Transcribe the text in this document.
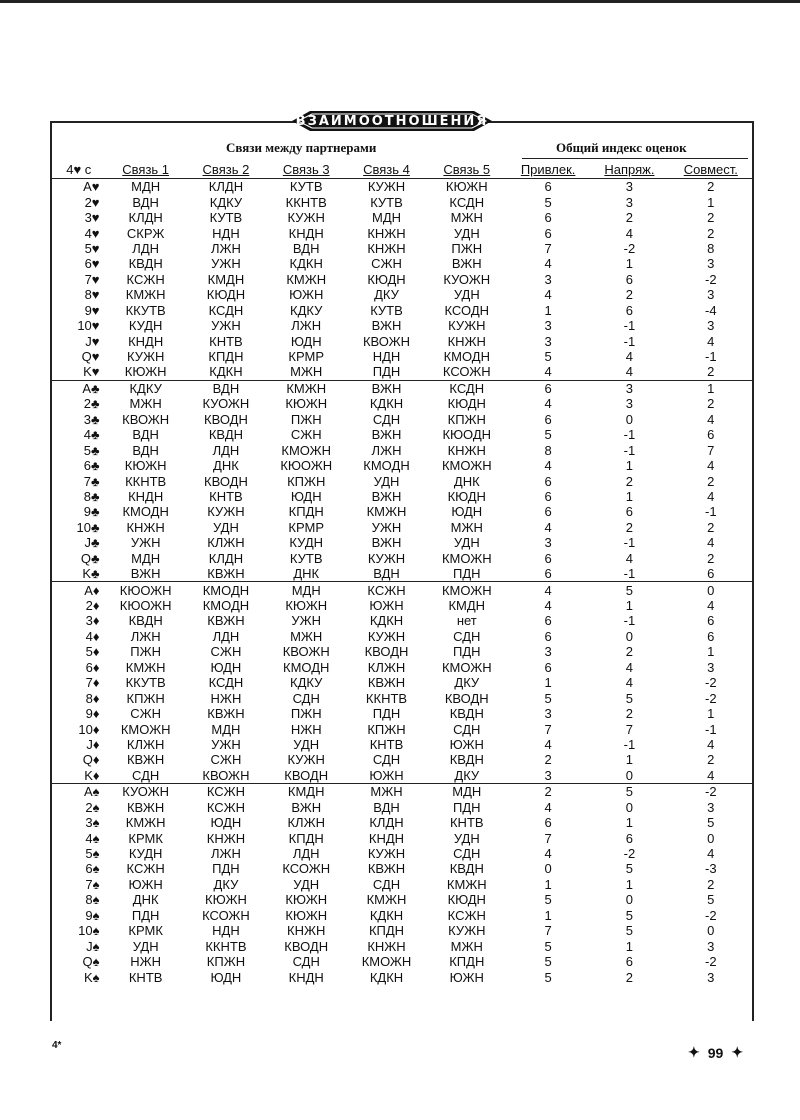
ВЗАИМООТНОШЕНИЯ
Связи между партнерами	Общий индекс оценок
4♥ с	Связь 1	Связь 2	Связь 3	Связь 4	Связь 5	Привлек.	Напряж.	Совмест.
A♥	МДН	КЛДН	КУТВ	КУЖН	КЮЖН	6	3	2
2♥	ВДН	КДКУ	ККНТВ	КУТВ	КСДН	5	3	1
3♥	КЛДН	КУТВ	КУЖН	МДН	МЖН	6	2	2
4♥	СКРЖ	НДН	КНДН	КНЖН	УДН	6	4	2
5♥	ЛДН	ЛЖН	ВДН	КНЖН	ПЖН	7	-2	8
6♥	КВДН	УЖН	КДКН	СЖН	ВЖН	4	1	3
7♥	КСЖН	КМДН	КМЖН	КЮДН	КУОЖН	3	6	-2
8♥	КМЖН	КЮДН	ЮЖН	ДКУ	УДН	4	2	3
9♥	ККУТВ	КСДН	КДКУ	КУТВ	КСОДН	1	6	-4
10♥	КУДН	УЖН	ЛЖН	ВЖН	КУЖН	3	-1	3
J♥	КНДН	КНТВ	ЮДН	КВОЖН	КНЖН	3	-1	4
Q♥	КУЖН	КПДН	КРМР	НДН	КМОДН	5	4	-1
K♥	КЮЖН	КДКН	МЖН	ПДН	КСОЖН	4	4	2
A♣	КДКУ	ВДН	КМЖН	ВЖН	КСДН	6	3	1
2♣	МЖН	КУОЖН	КЮЖН	КДКН	КЮДН	4	3	2
3♣	КВОЖН	КВОДН	ПЖН	СДН	КПЖН	6	0	4
4♣	ВДН	КВДН	СЖН	ВЖН	КЮОДН	5	-1	6
5♣	ВДН	ЛДН	КМОЖН	ЛЖН	КНЖН	8	-1	7
6♣	КЮЖН	ДНК	КЮОЖН	КМОДН	КМОЖН	4	1	4
7♣	ККНТВ	КВОДН	КПЖН	УДН	ДНК	6	2	2
8♣	КНДН	КНТВ	ЮДН	ВЖН	КЮДН	6	1	4
9♣	КМОДН	КУЖН	КПДН	КМЖН	ЮДН	6	6	-1
10♣	КНЖН	УДН	КРМР	УЖН	МЖН	4	2	2
J♣	УЖН	КЛЖН	КУДН	ВЖН	УДН	3	-1	4
Q♣	МДН	КЛДН	КУТВ	КУЖН	КМОЖН	6	4	2
K♣	ВЖН	КВЖН	ДНК	ВДН	ПДН	6	-1	6
A♦	КЮОЖН	КМОДН	МДН	КСЖН	КМОЖН	4	5	0
2♦	КЮОЖН	КМОДН	КЮЖН	ЮЖН	КМДН	4	1	4
3♦	КВДН	КВЖН	УЖН	КДКН	нет	6	-1	6
4♦	ЛЖН	ЛДН	МЖН	КУЖН	СДН	6	0	6
5♦	ПЖН	СЖН	КВОЖН	КВОДН	ПДН	3	2	1
6♦	КМЖН	ЮДН	КМОДН	КЛЖН	КМОЖН	6	4	3
7♦	ККУТВ	КСДН	КДКУ	КВЖН	ДКУ	1	4	-2
8♦	КПЖН	НЖН	СДН	ККНТВ	КВОДН	5	5	-2
9♦	СЖН	КВЖН	ПЖН	ПДН	КВДН	3	2	1
10♦	КМОЖН	МДН	НЖН	КПЖН	СДН	7	7	-1
J♦	КЛЖН	УЖН	УДН	КНТВ	ЮЖН	4	-1	4
Q♦	КВЖН	СЖН	КУЖН	СДН	КВДН	2	1	2
K♦	СДН	КВОЖН	КВОДН	ЮЖН	ДКУ	3	0	4
A♠	КУОЖН	КСЖН	КМДН	МЖН	МДН	2	5	-2
2♠	КВЖН	КСЖН	ВЖН	ВДН	ПДН	4	0	3
3♠	КМЖН	ЮДН	КЛЖН	КЛДН	КНТВ	6	1	5
4♠	КРМК	КНЖН	КПДН	КНДН	УДН	7	6	0
5♠	КУДН	ЛЖН	ЛДН	КУЖН	СДН	4	-2	4
6♠	КСЖН	ПДН	КСОЖН	КВЖН	КВДН	0	5	-3
7♠	ЮЖН	ДКУ	УДН	СДН	КМЖН	1	1	2
8♠	ДНК	КЮЖН	КЮЖН	КМЖН	КЮДН	5	0	5
9♠	ПДН	КСОЖН	КЮЖН	КДКН	КСЖН	1	5	-2
10♠	КРМК	НДН	КНЖН	КПДН	КУЖН	7	5	0
J♠	УДН	ККНТВ	КВОДН	КНЖН	МЖН	5	1	3
Q♠	НЖН	КПЖН	СДН	КМОЖН	КПДН	5	6	-2
K♠	КНТВ	ЮДН	КНДН	КДКН	ЮЖН	5	2	3
4*	✦ 99 ✦
